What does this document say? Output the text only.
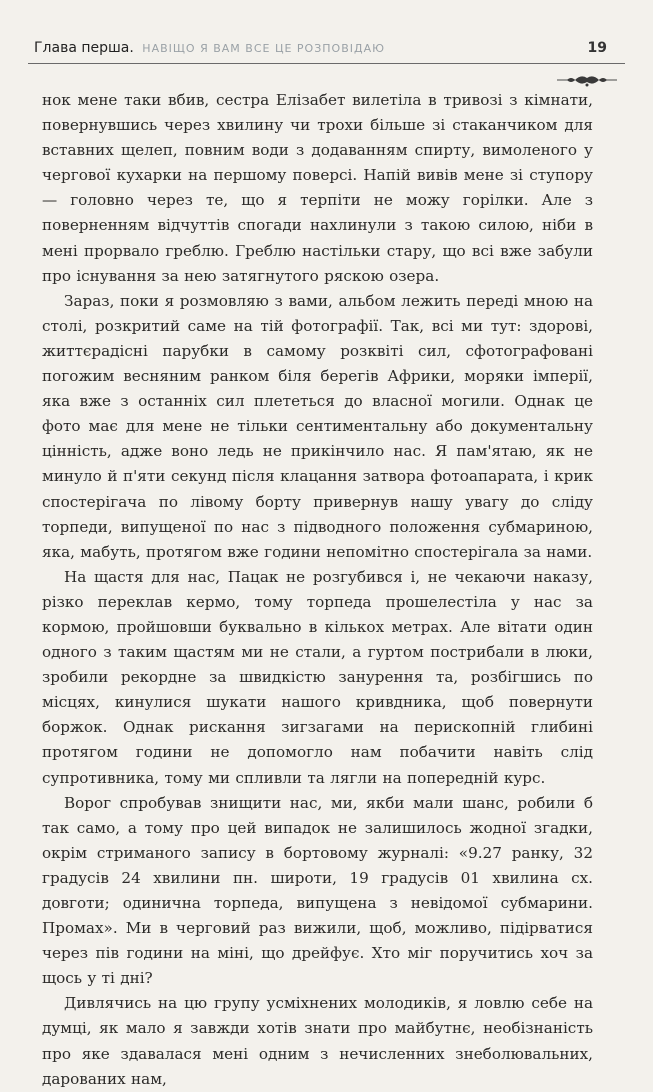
Глава перша. НАВІЩО Я ВАМ ВСЕ ЦЕ РОЗПОВІДАЮ	19

нок мене таки вбив, сестра Елізабет вилетіла в тривозі з кімнати, повернувшись через хвилину чи трохи більше зі стаканчиком для вставних щелеп, повним води з додаванням спирту, вимоленого у черговоï кухарки на першому поверсі. Напій вивів мене зі ступору — головно через те, що я терпіти не можу горілки. Але з поверненням відчуттів спогади нахлинули з такою силою, ніби в мені прорвало греблю. Греблю настільки стару, що всі вже забули про існування за нею затягнутого ряскою озера.

Зараз, поки я розмовляю з вами, альбом лежить переді мною на столі, розкритий саме на тій фотографії. Так, всі ми тут: здорові, життєрадісні парубки в самому розквіті сил, сфотографовані погожим весняним ранком біля берегів Африки, моряки імперії, яка вже з останніх сил плететься до власної могили. Однак це фото має для мене не тільки сентиментальну або документальну цінність, адже воно ледь не прикінчило нас. Я пам'ятаю, як не минуло й п'яти секунд після клацання затвора фотоапарата, і крик спостерігача по лівому борту привернув нашу увагу до сліду торпеди, випущеної по нас з підводного положення субмариною, яка, мабуть, протягом вже години непомітно спостерігала за нами.

На щастя для нас, Пацак не розгубився і, не чекаючи наказу, різко переклав кермо, тому торпеда прошелестіла у нас за кормою, пройшовши буквально в кількох метрах. Але вітати один одного з таким щастям ми не стали, а гуртом пострибали в люки, зробили рекордне за швидкістю занурення та, розбігшись по місцях, кинулися шукати нашого кривдника, щоб повернути боржок. Однак рискання зигзагами на перископній глибині протягом години не допомогло нам побачити навіть слід супротивника, тому ми спливли та лягли на попередній курс.

Ворог спробував знищити нас, ми, якби мали шанс, робили б так само, а тому про цей випадок не залишилось жодної згадки, окрім стриманого запису в бортовому журналі: «9.27 ранку, 32 градусів 24 хвилини пн. широти, 19 градусів 01 хвилина сх. довготи; одинична торпеда, випущена з невідомої субмарини. Промах». Ми в черговий раз вижили, щоб, можливо, підірватися через пів години на міні, що дрейфує. Хто міг поручитись хоч за щось у ті дні?

Дивлячись на цю групу усміхнених молодиків, я ловлю себе на думці, як мало я завжди хотів знати про майбутнє, необізнаність про яке здавалася мені одним з нечисленних знеболювальних, дарованих нам,
